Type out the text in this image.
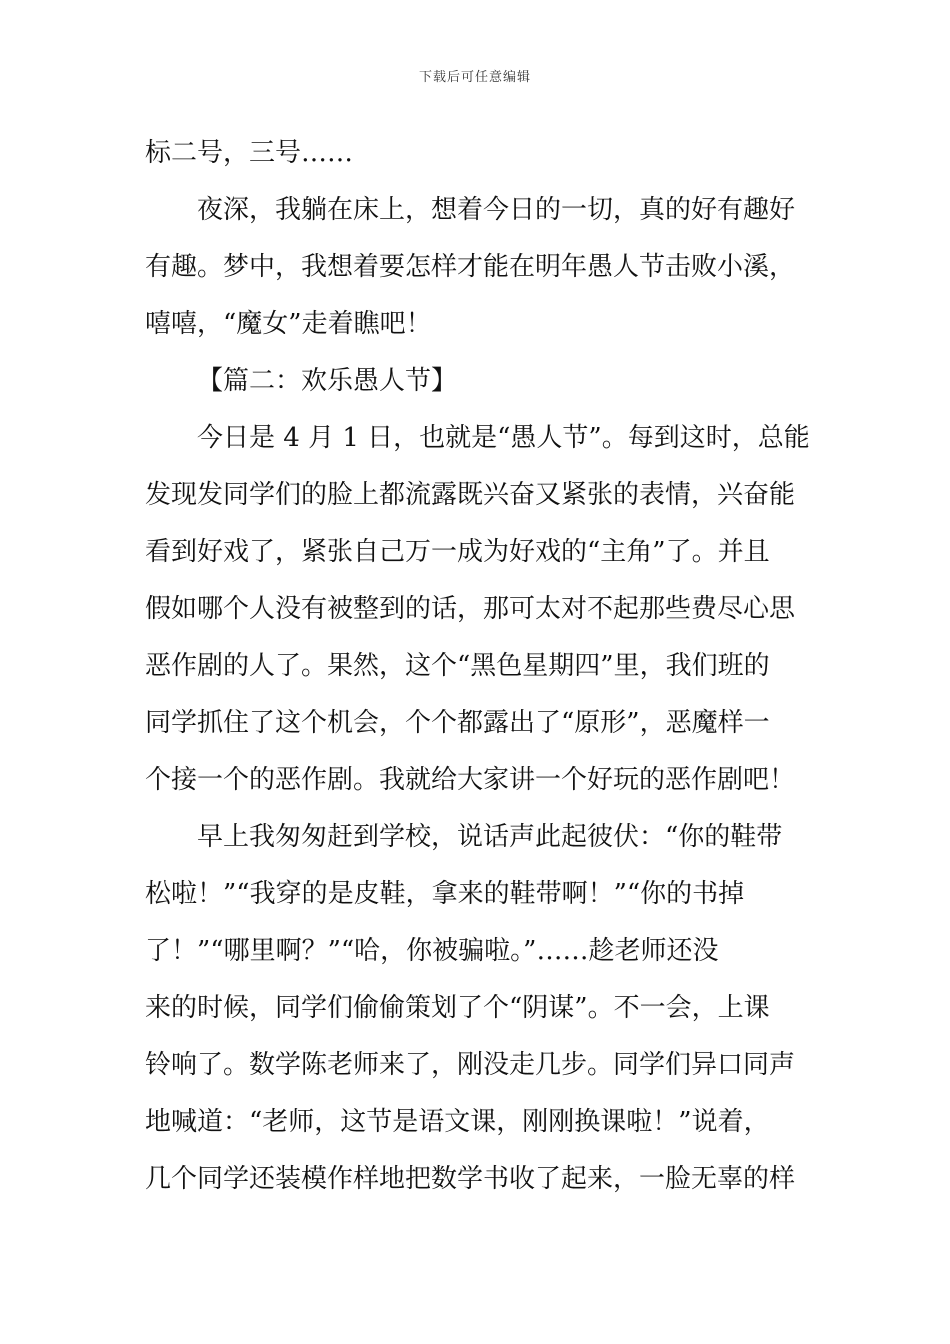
下载后可任意编辑
标二号，三号……
夜深，我躺在床上，想着今日的一切，真的好有趣好
有趣。梦中，我想着要怎样才能在明年愚人节击败小溪，
嘻嘻，“魔女”走着瞧吧！
【篇二：欢乐愚人节】
今日是 4 月 1 日，也就是“愚人节”。每到这时，总能
发现发同学们的脸上都流露既兴奋又紧张的表情，兴奋能
看到好戏了，紧张自己万一成为好戏的“主角”了。并且
假如哪个人没有被整到的话，那可太对不起那些费尽心思
恶作剧的人了。果然，这个“黑色星期四”里，我们班的
同学抓住了这个机会，个个都露出了“原形”，恶魔样一
个接一个的恶作剧。我就给大家讲一个好玩的恶作剧吧！
早上我匆匆赶到学校，说话声此起彼伏：“你的鞋带
松啦！”“我穿的是皮鞋，拿来的鞋带啊！”“你的书掉
了！”“哪里啊？”“哈，你被骗啦。”……趁老师还没
来的时候，同学们偷偷策划了个“阴谋”。不一会，上课
铃响了。数学陈老师来了，刚没走几步。同学们异口同声
地喊道：“老师，这节是语文课，刚刚换课啦！”说着，
几个同学还装模作样地把数学书收了起来，一脸无辜的样
